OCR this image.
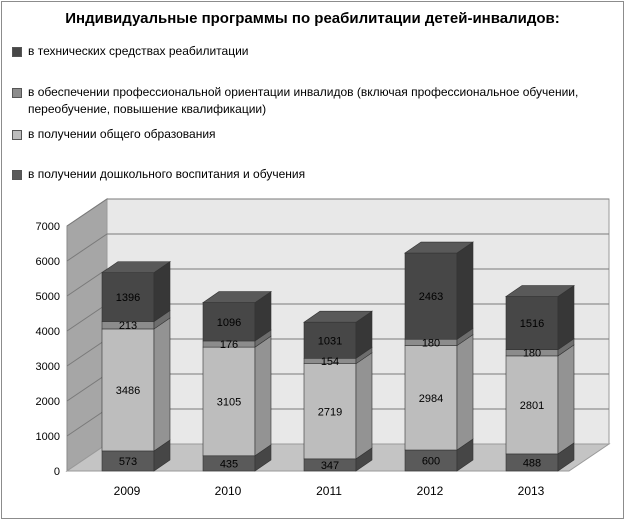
Индивидуальные программы по реабилитации детей-инвалидов:
в технических средствах реабилитации
в обеспечении профессиональной ориентации инвалидов (включая профессиональное обучении, переобучение, повышение квалификации)
в получении общего образования
в получении дошкольного воспитания и обучения
0
1000
2000
3000
4000
5000
6000
7000
573
3486
213
1396
2009
435
3105
176
1096
2010
347
2719
154
1031
2011
600
2984
180
2463
2012
488
2801
180
1516
2013
